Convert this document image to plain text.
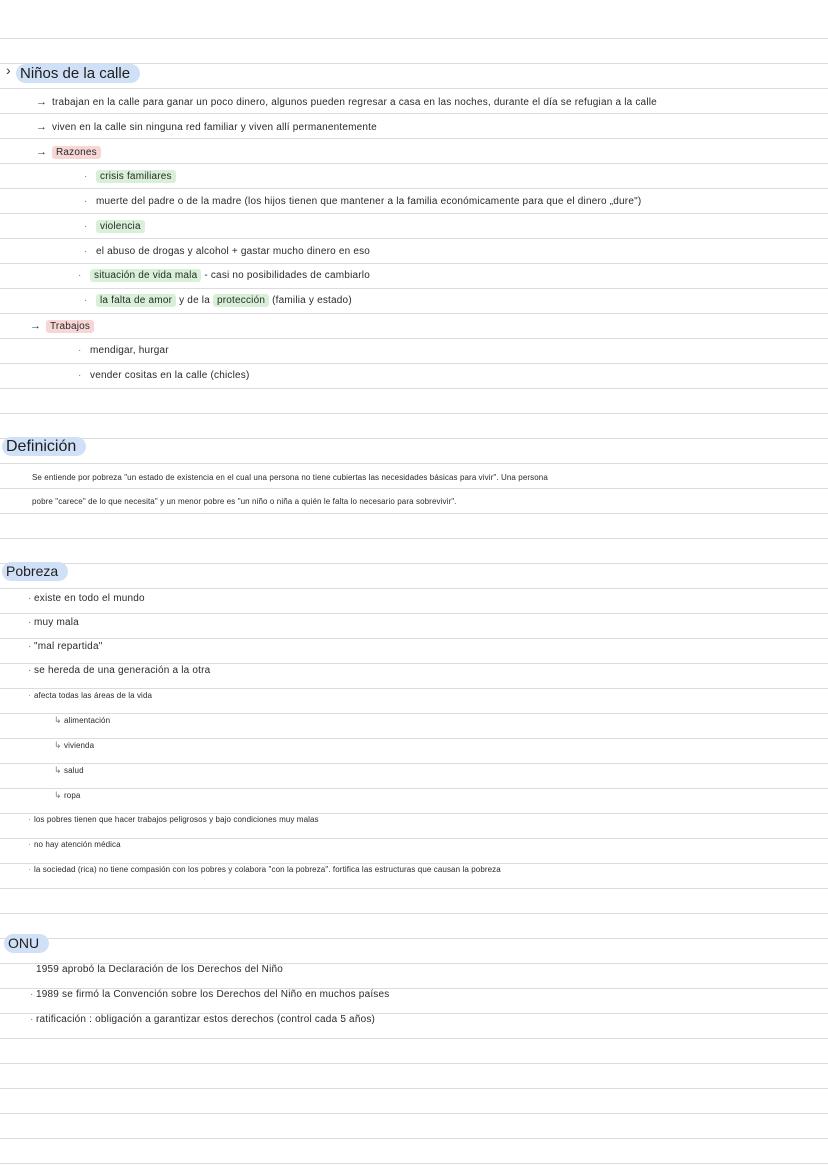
› Niños de la calle
→ trabajan en la calle para ganar un poco dinero, algunos pueden regresar a casa en las noches, durante el día se refugian a la calle
→ viven en la calle sin ninguna red familiar y viven allí permanentemente
→ Razones
· crisis familiares
· muerte del padre o de la madre (los hijos tienen que mantener a la familia económicamente para que el dinero „dure")
· violencia
· el abuso de drogas y alcohol + gastar mucho dinero en eso
· situación de vida mala - casi no posibilidades de cambiarlo
· la falta de amor y de la protección (familia y estado)
→ Trabajos
· mendigar, hurgar
· vender cositas en la calle (chicles)
Definición
Se entiende por pobreza "un estado de existencia en el cual una persona no tiene cubiertas las necesidades básicas para vivir". Una persona
pobre "carece" de lo que necesita" y un menor pobre es "un niño o niña a quién le falta lo necesario para sobrevivir".
Pobreza
· existe en todo el mundo
· muy mala
· "mal repartida"
· se hereda de una generación a la otra
· afecta todas las áreas de la vida
↳ alimentación
↳ vivienda
↳ salud
↳ ropa
· los pobres tienen que hacer trabajos peligrosos y bajo condiciones muy malas
· no hay atención médica
· la sociedad (rica) no tiene compasión con los pobres y colabora "con la pobreza". fortifica las estructuras que causan la pobreza
ONU
1959 aprobó la Declaración de los Derechos del Niño
· 1989 se firmó la Convención sobre los Derechos del Niño en muchos países
· ratificación : obligación a garantizar estos derechos (control cada 5 años)
